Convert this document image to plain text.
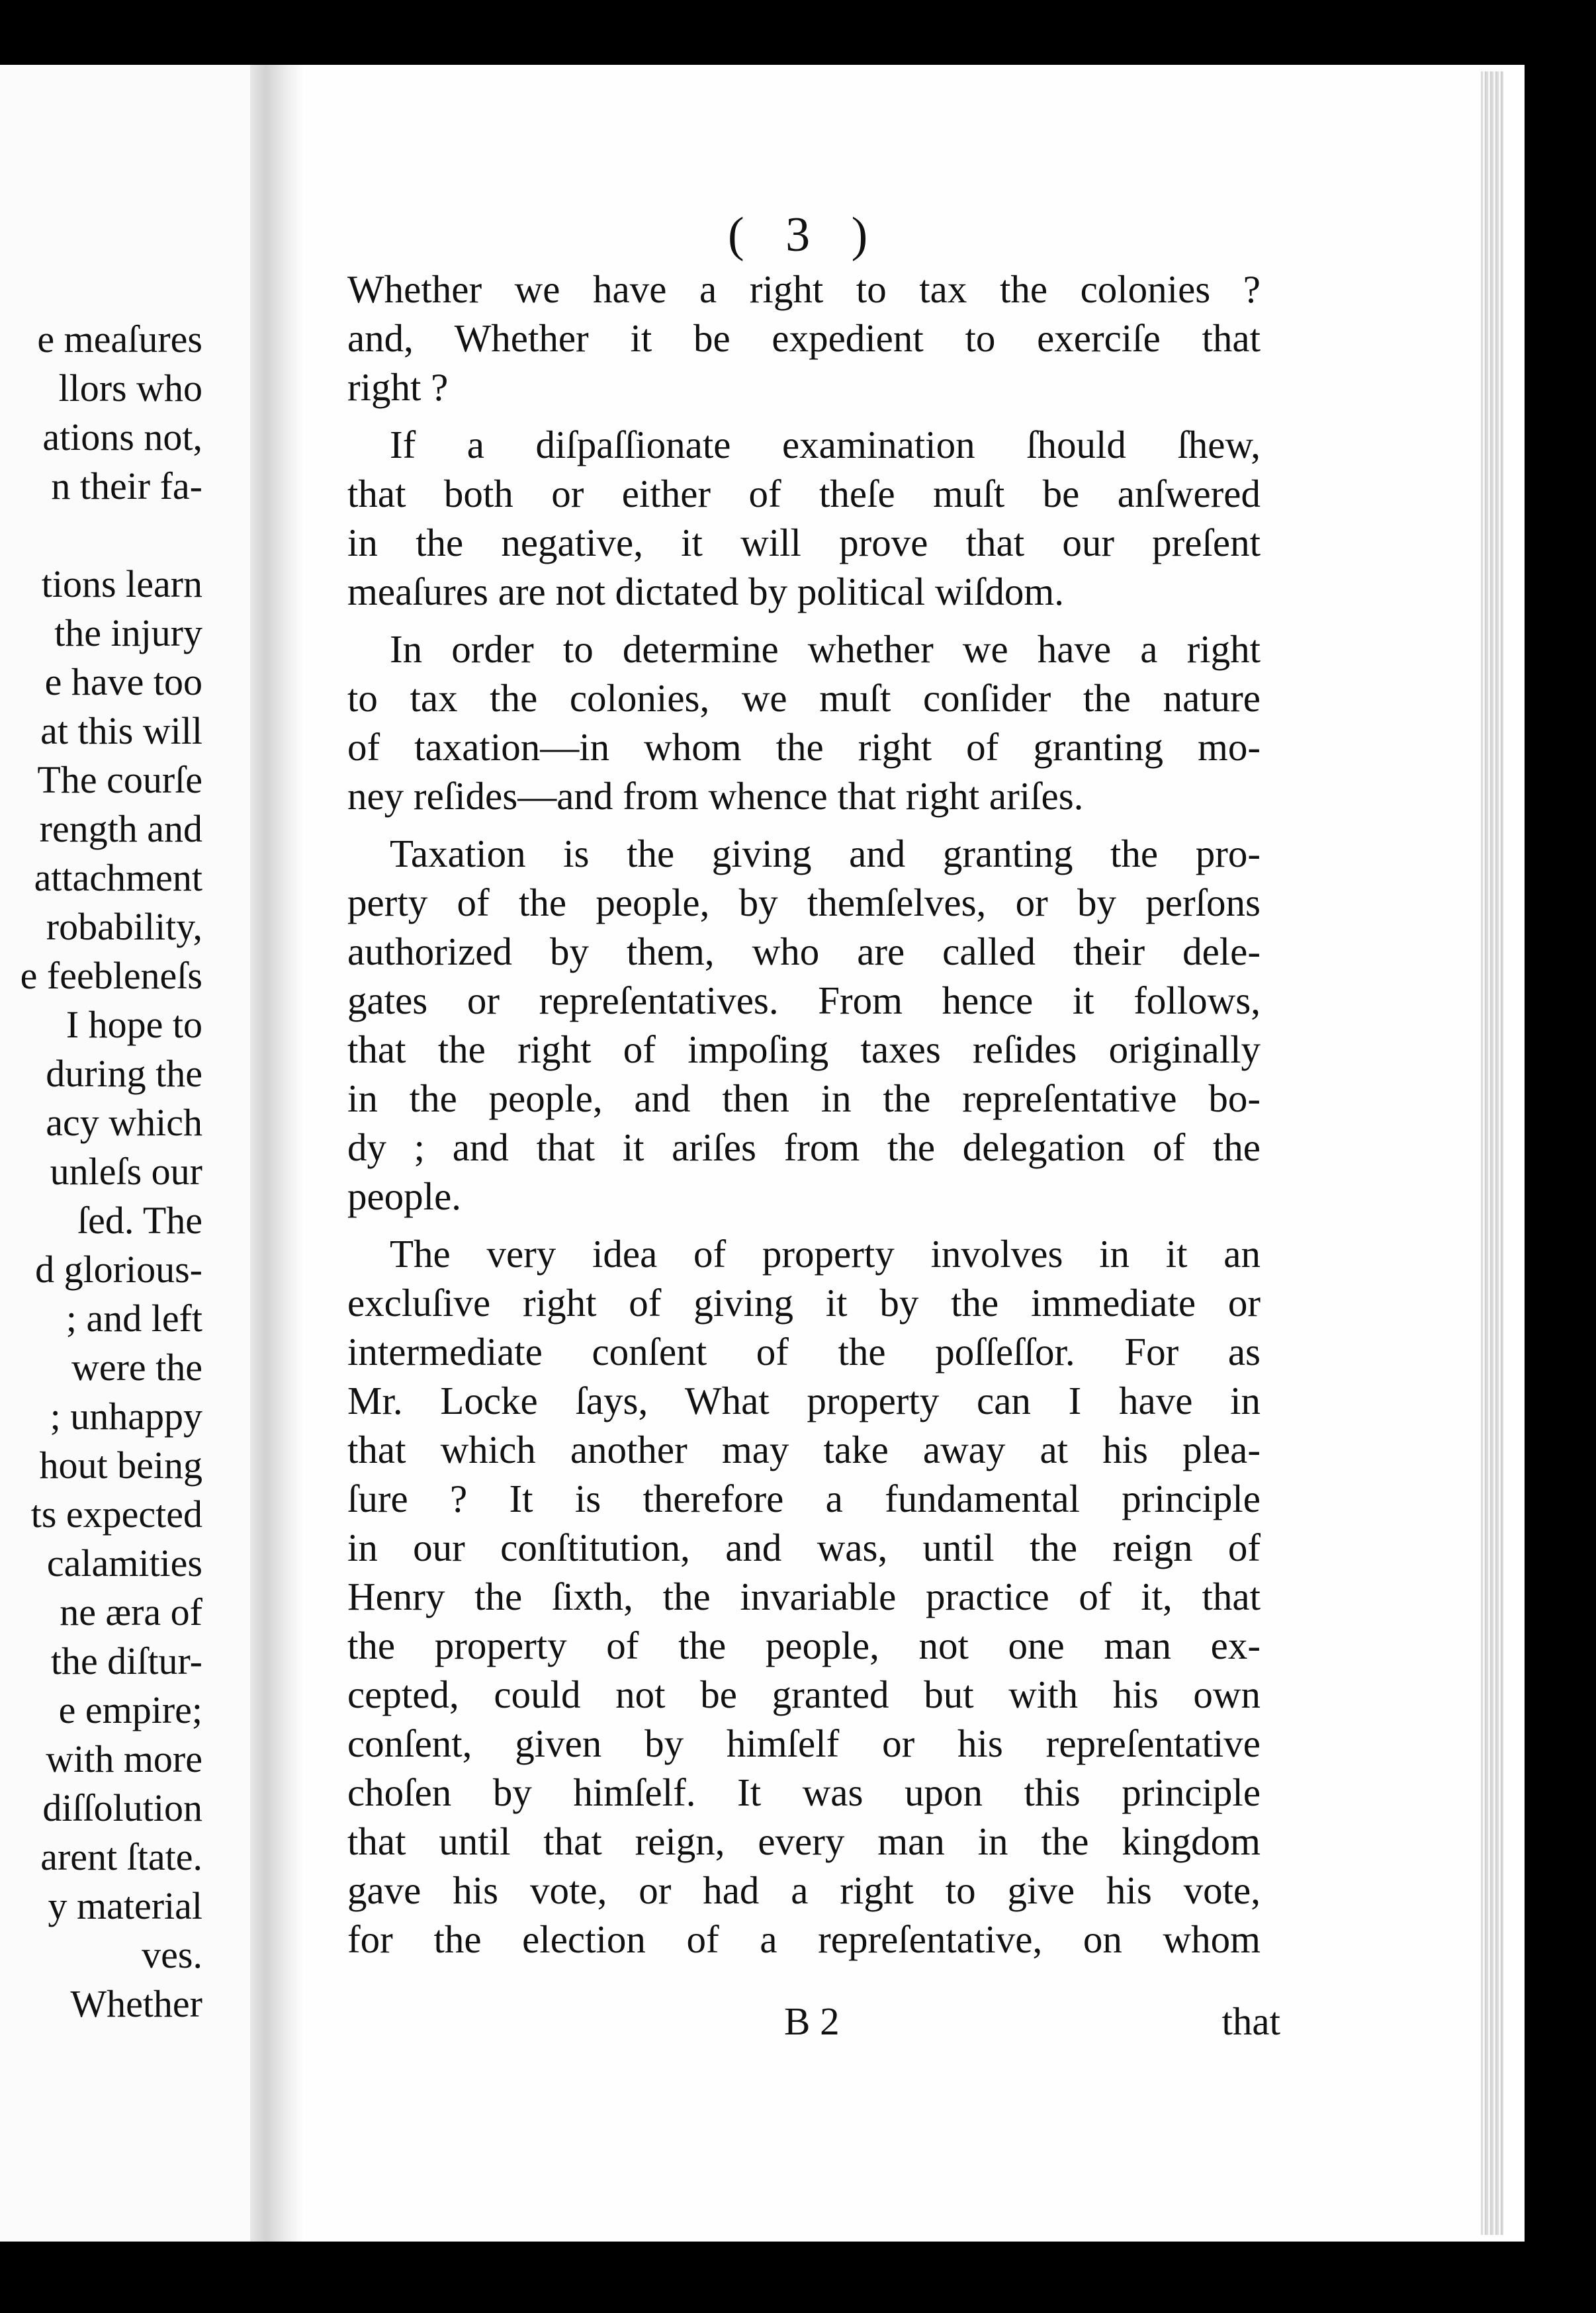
e meaſures
llors who
ations not,
n their fa-
tions learn
the injury
e have too
at this will
The courſe
rength and
attachment
robability,
e feebleneſs
I hope to
during the
acy which
unleſs our
ſed. The
d glorious-
; and left
were the
; unhappy
hout being
ts expected
calamities
ne æra of
the diſtur-
e empire;
with more
diſſolution
arent ſtate.
y material
ves.
Whether
( 3 )
Whether we have a right to tax the colonies ?
and, Whether it be expedient to exerciſe that
right ?
If a diſpaſſionate examination ſhould ſhew,
that both or either of theſe muſt be anſwered
in the negative, it will prove that our preſent
meaſures are not dictated by political wiſdom.
In order to determine whether we have a right
to tax the colonies, we muſt conſider the nature
of taxation—in whom the right of granting mo-
ney reſides—and from whence that right ariſes.
Taxation is the giving and granting the pro-
perty of the people, by themſelves, or by perſons
authorized by them, who are called their dele-
gates or repreſentatives. From hence it follows,
that the right of impoſing taxes reſides originally
in the people, and then in the repreſentative bo-
dy ; and that it ariſes from the delegation of the
people.
The very idea of property involves in it an
excluſive right of giving it by the immediate or
intermediate conſent of the poſſeſſor. For as
Mr. Locke ſays, What property can I have in
that which another may take away at his plea-
ſure ? It is therefore a fundamental principle
in our conſtitution, and was, until the reign of
Henry the ſixth, the invariable practice of it, that
the property of the people, not one man ex-
cepted, could not be granted but with his own
conſent, given by himſelf or his repreſentative
choſen by himſelf. It was upon this principle
that until that reign, every man in the kingdom
gave his vote, or had a right to give his vote,
for the election of a repreſentative, on whom
B 2	that
